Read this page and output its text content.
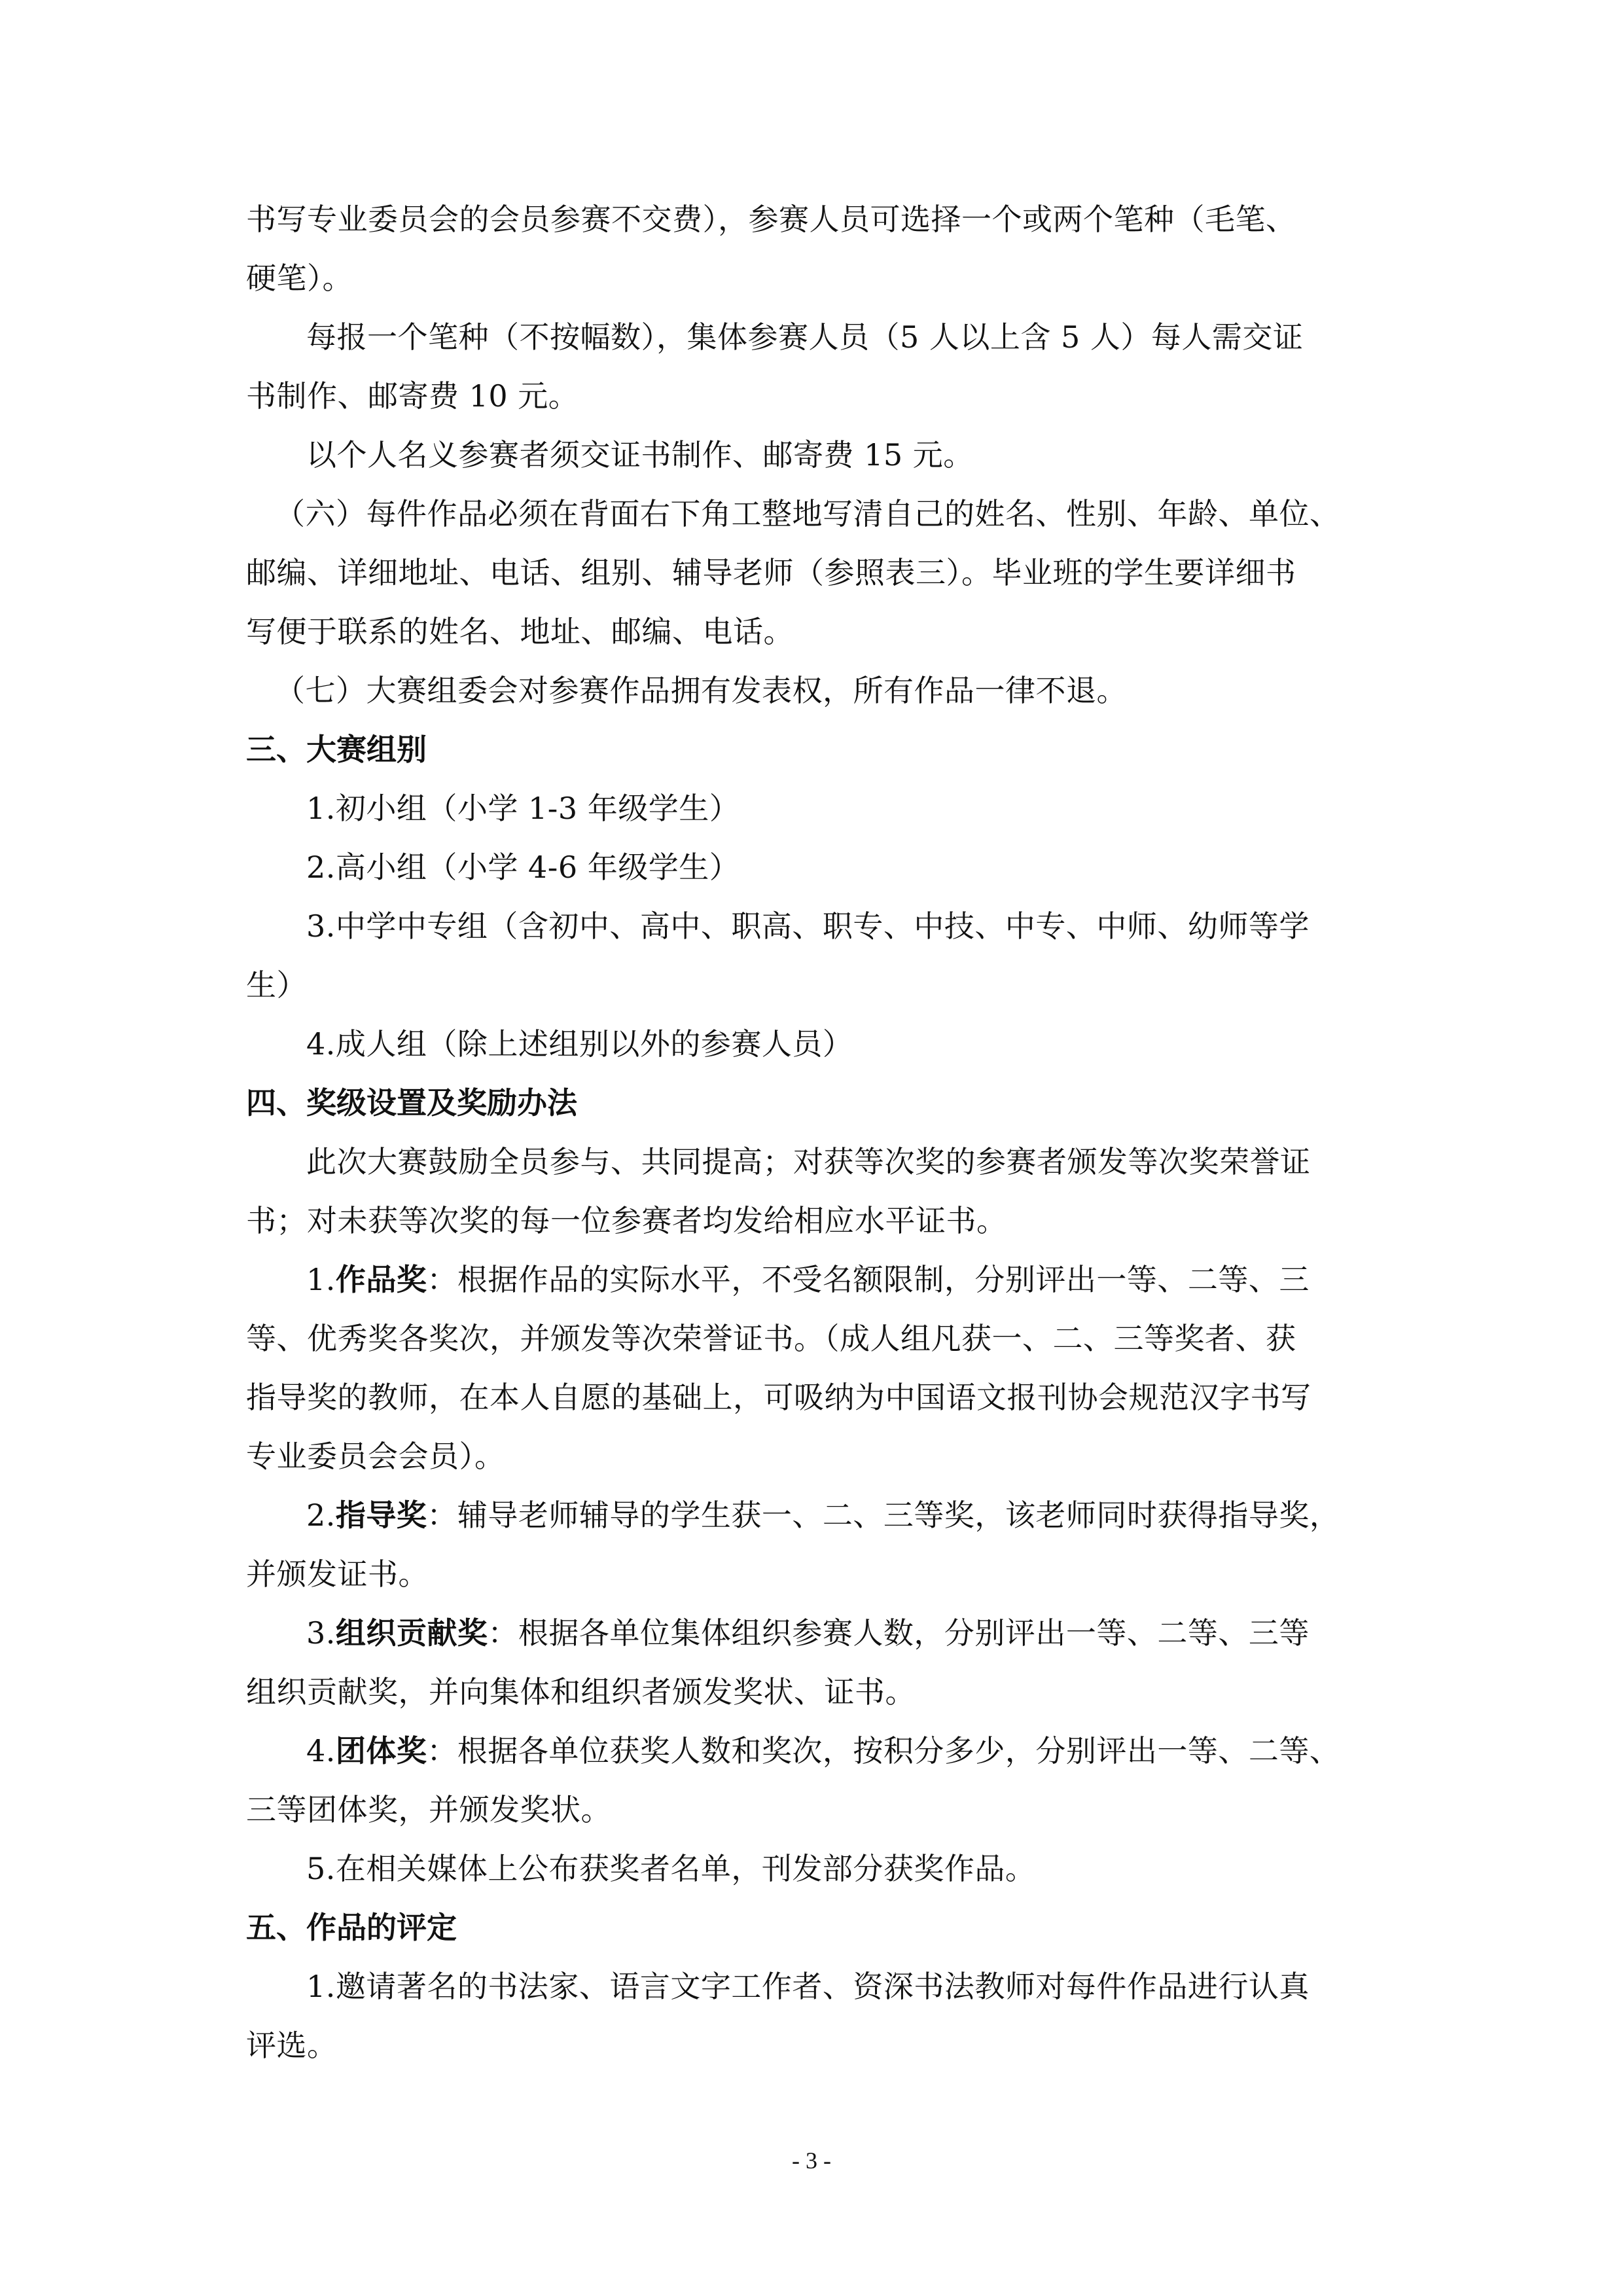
书写专业委员会的会员参赛不交费），参赛人员可选择一个或两个笔种（毛笔、

硬笔）。

每报一个笔种（不按幅数），集体参赛人员（5 人以上含 5 人）每人需交证

书制作、邮寄费 10 元。

以个人名义参赛者须交证书制作、邮寄费 15 元。

（六）每件作品必须在背面右下角工整地写清自己的姓名、性别、年龄、单位、

邮编、详细地址、电话、组别、辅导老师（参照表三）。毕业班的学生要详细书

写便于联系的姓名、地址、邮编、电话。

（七）大赛组委会对参赛作品拥有发表权，所有作品一律不退。

三、大赛组别

1.初小组（小学 1-3 年级学生）

2.高小组（小学 4-6 年级学生）

3.中学中专组（含初中、高中、职高、职专、中技、中专、中师、幼师等学

生）

4.成人组（除上述组别以外的参赛人员）

四、奖级设置及奖励办法

此次大赛鼓励全员参与、共同提高；对获等次奖的参赛者颁发等次奖荣誉证

书；对未获等次奖的每一位参赛者均发给相应水平证书。

1.作品奖：根据作品的实际水平，不受名额限制，分别评出一等、二等、三

等、优秀奖各奖次，并颁发等次荣誉证书。（成人组凡获一、二、三等奖者、获

指导奖的教师，在本人自愿的基础上，可吸纳为中国语文报刊协会规范汉字书写

专业委员会会员）。

2.指导奖：辅导老师辅导的学生获一、二、三等奖，该老师同时获得指导奖，

并颁发证书。

3.组织贡献奖：根据各单位集体组织参赛人数，分别评出一等、二等、三等

组织贡献奖，并向集体和组织者颁发奖状、证书。

4.团体奖：根据各单位获奖人数和奖次，按积分多少，分别评出一等、二等、

三等团体奖，并颁发奖状。

5.在相关媒体上公布获奖者名单，刊发部分获奖作品。

五、作品的评定

1.邀请著名的书法家、语言文字工作者、资深书法教师对每件作品进行认真

评选。

- 3 -
